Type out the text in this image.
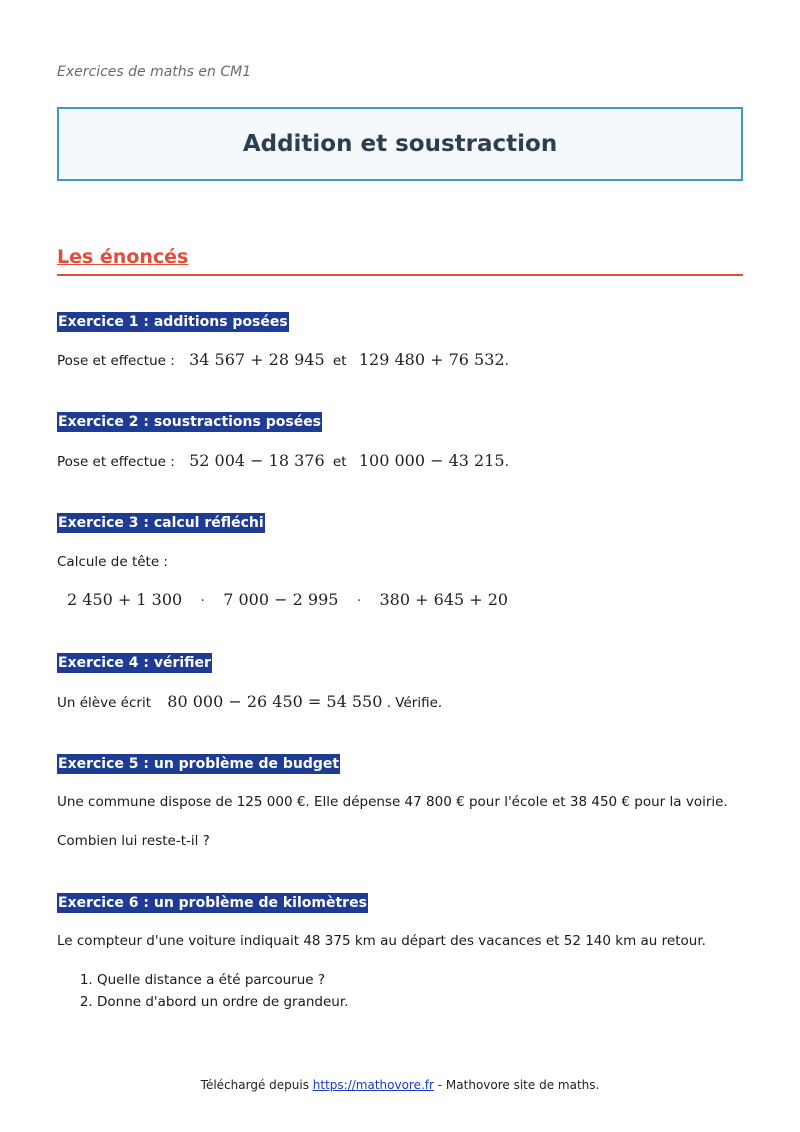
Exercices de maths en CM1
Addition et soustraction
Les énoncés
Exercice 1 : additions posées
Pose et effectue : 34 567 + 28 945 et 129 480 + 76 532.
Exercice 2 : soustractions posées
Pose et effectue : 52 004 − 18 376 et 100 000 − 43 215.
Exercice 3 : calcul réfléchi
Calcule de tête :
2 450 + 1 300 · 7 000 − 2 995 · 380 + 645 + 20
Exercice 4 : vérifier
Un élève écrit 80 000 − 26 450 = 54 550 . Vérifie.
Exercice 5 : un problème de budget
Une commune dispose de 125 000 €. Elle dépense 47 800 € pour l'école et 38 450 € pour la voirie.
Combien lui reste-t-il ?
Exercice 6 : un problème de kilomètres
Le compteur d'une voiture indiquait 48 375 km au départ des vacances et 52 140 km au retour.
1. Quelle distance a été parcourue ?
2. Donne d'abord un ordre de grandeur.
Téléchargé depuis https://mathovore.fr - Mathovore site de maths.
